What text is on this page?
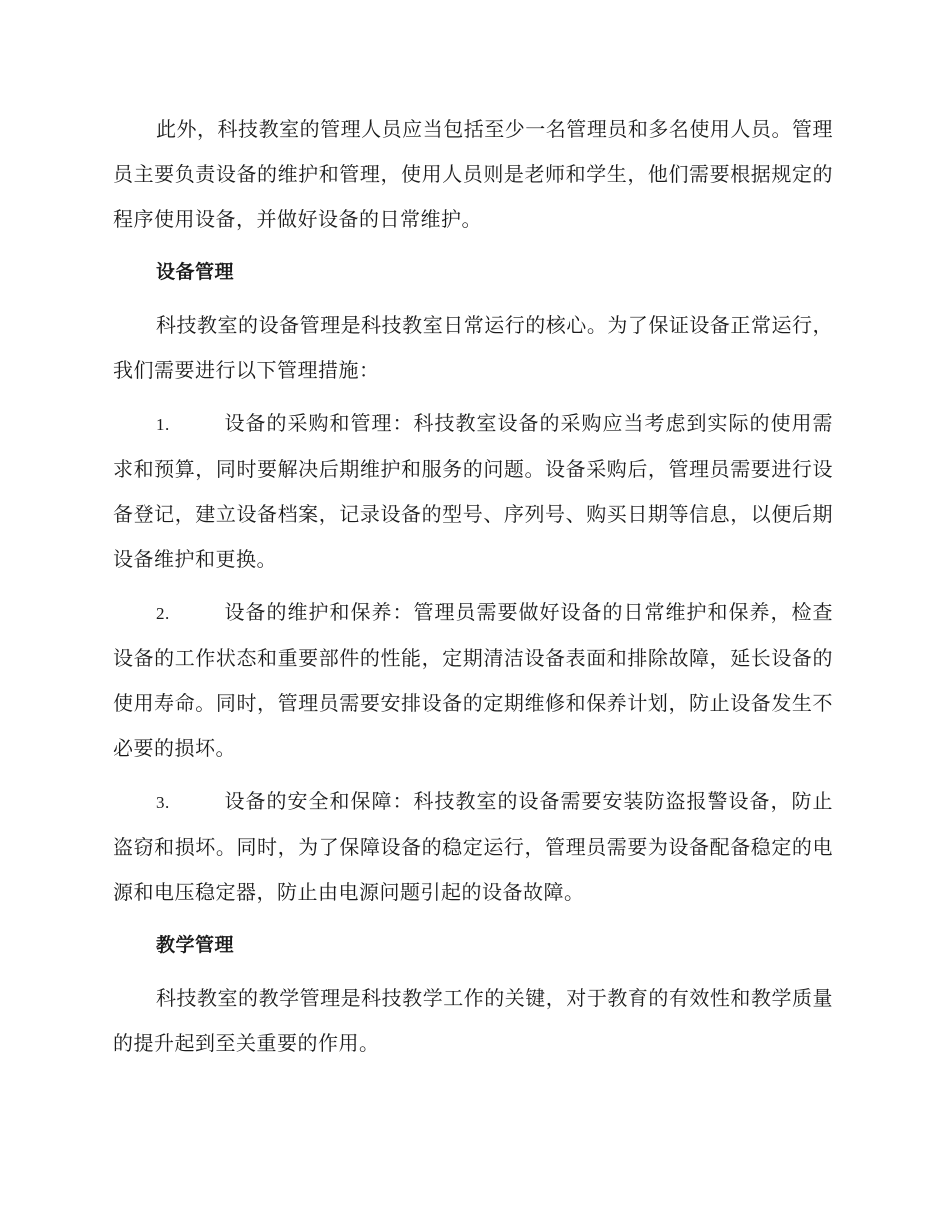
此外，科技教室的管理人员应当包括至少一名管理员和多名使用人员。管理员主要负责设备的维护和管理，使用人员则是老师和学生，他们需要根据规定的程序使用设备，并做好设备的日常维护。

设备管理

科技教室的设备管理是科技教室日常运行的核心。为了保证设备正常运行，我们需要进行以下管理措施：

1.	设备的采购和管理：科技教室设备的采购应当考虑到实际的使用需求和预算，同时要解决后期维护和服务的问题。设备采购后，管理员需要进行设备登记，建立设备档案，记录设备的型号、序列号、购买日期等信息，以便后期设备维护和更换。
2.	设备的维护和保养：管理员需要做好设备的日常维护和保养，检查设备的工作状态和重要部件的性能，定期清洁设备表面和排除故障，延长设备的使用寿命。同时，管理员需要安排设备的定期维修和保养计划，防止设备发生不必要的损坏。
3.	设备的安全和保障：科技教室的设备需要安装防盗报警设备，防止盗窃和损坏。同时，为了保障设备的稳定运行，管理员需要为设备配备稳定的电源和电压稳定器，防止由电源问题引起的设备故障。
教学管理

科技教室的教学管理是科技教学工作的关键，对于教育的有效性和教学质量的提升起到至关重要的作用。
